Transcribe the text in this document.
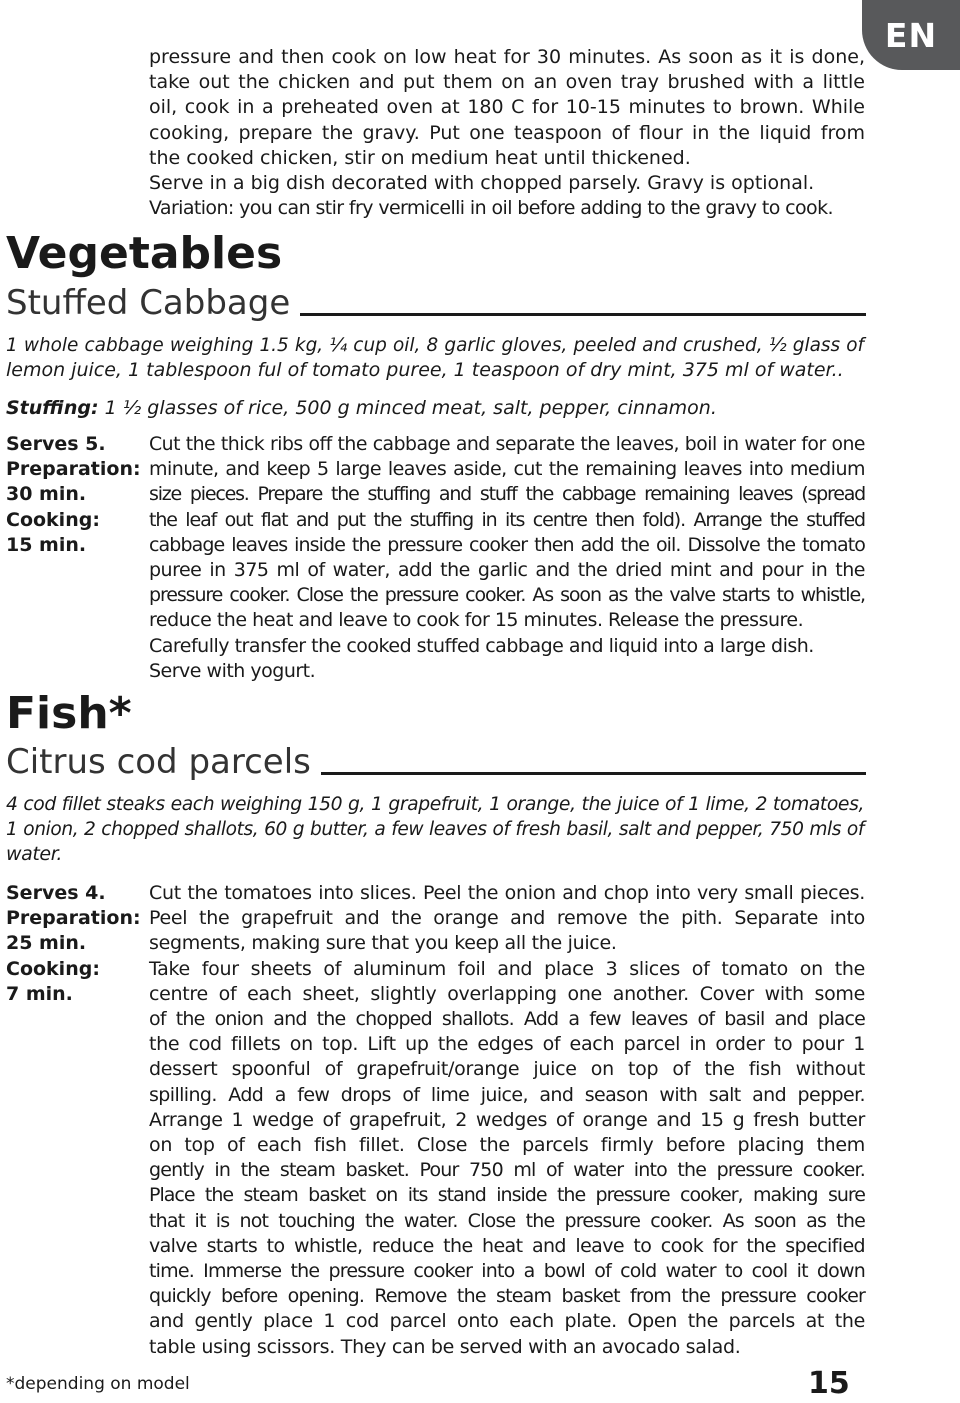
EN
pressure and then cook on low heat for 30 minutes. As soon as it is done,
take out the chicken and put them on an oven tray brushed with a little
oil, cook in a preheated oven at 180 C for 10-15 minutes to brown. While
cooking, prepare the gravy. Put one teaspoon of flour in the liquid from
the cooked chicken, stir on medium heat until thickened.
Serve in a big dish decorated with chopped parsely. Gravy is optional.
Variation: you can stir fry vermicelli in oil before adding to the gravy to cook.
Vegetables
Stuffed Cabbage
1 whole cabbage weighing 1.5 kg, ¼ cup oil, 8 garlic gloves, peeled and crushed, ½ glass of
lemon juice, 1 tablespoon ful of tomato puree, 1 teaspoon of dry mint, 375 ml of water..
Stuffing: 1 ½ glasses of rice, 500 g minced meat, salt, pepper, cinnamon.
Serves 5.
Preparation:
30 min.
Cooking:
15 min.
Cut the thick ribs off the cabbage and separate the leaves, boil in water for one
minute, and keep 5 large leaves aside, cut the remaining leaves into medium
size pieces. Prepare the stuffing and stuff the cabbage remaining leaves (spread
the leaf out flat and put the stuffing in its centre then fold). Arrange the stuffed
cabbage leaves inside the pressure cooker then add the oil. Dissolve the tomato
puree in 375 ml of water, add the garlic and the dried mint and pour in the
pressure cooker. Close the pressure cooker. As soon as the valve starts to whistle,
reduce the heat and leave to cook for 15 minutes. Release the pressure.
Carefully transfer the cooked stuffed cabbage and liquid into a large dish.
Serve with yogurt.
Fish*
Citrus cod parcels
4 cod fillet steaks each weighing 150 g, 1 grapefruit, 1 orange, the juice of 1 lime, 2 tomatoes,
1 onion, 2 chopped shallots, 60 g butter, a few leaves of fresh basil, salt and pepper, 750 mls of
water.
Serves 4.
Preparation:
25 min.
Cooking:
7 min.
Cut the tomatoes into slices. Peel the onion and chop into very small pieces.
Peel the grapefruit and the orange and remove the pith. Separate into
segments, making sure that you keep all the juice.
Take four sheets of aluminum foil and place 3 slices of tomato on the
centre of each sheet, slightly overlapping one another. Cover with some
of the onion and the chopped shallots. Add a few leaves of basil and place
the cod fillets on top. Lift up the edges of each parcel in order to pour 1
dessert spoonful of grapefruit/orange juice on top of the fish without
spilling. Add a few drops of lime juice, and season with salt and pepper.
Arrange 1 wedge of grapefruit, 2 wedges of orange and 15 g fresh butter
on top of each fish fillet. Close the parcels firmly before placing them
gently in the steam basket. Pour 750 ml of water into the pressure cooker.
Place the steam basket on its stand inside the pressure cooker, making sure
that it is not touching the water. Close the pressure cooker. As soon as the
valve starts to whistle, reduce the heat and leave to cook for the specified
time. Immerse the pressure cooker into a bowl of cold water to cool it down
quickly before opening. Remove the steam basket from the pressure cooker
and gently place 1 cod parcel onto each plate. Open the parcels at the
table using scissors. They can be served with an avocado salad.

*depending on model	15
